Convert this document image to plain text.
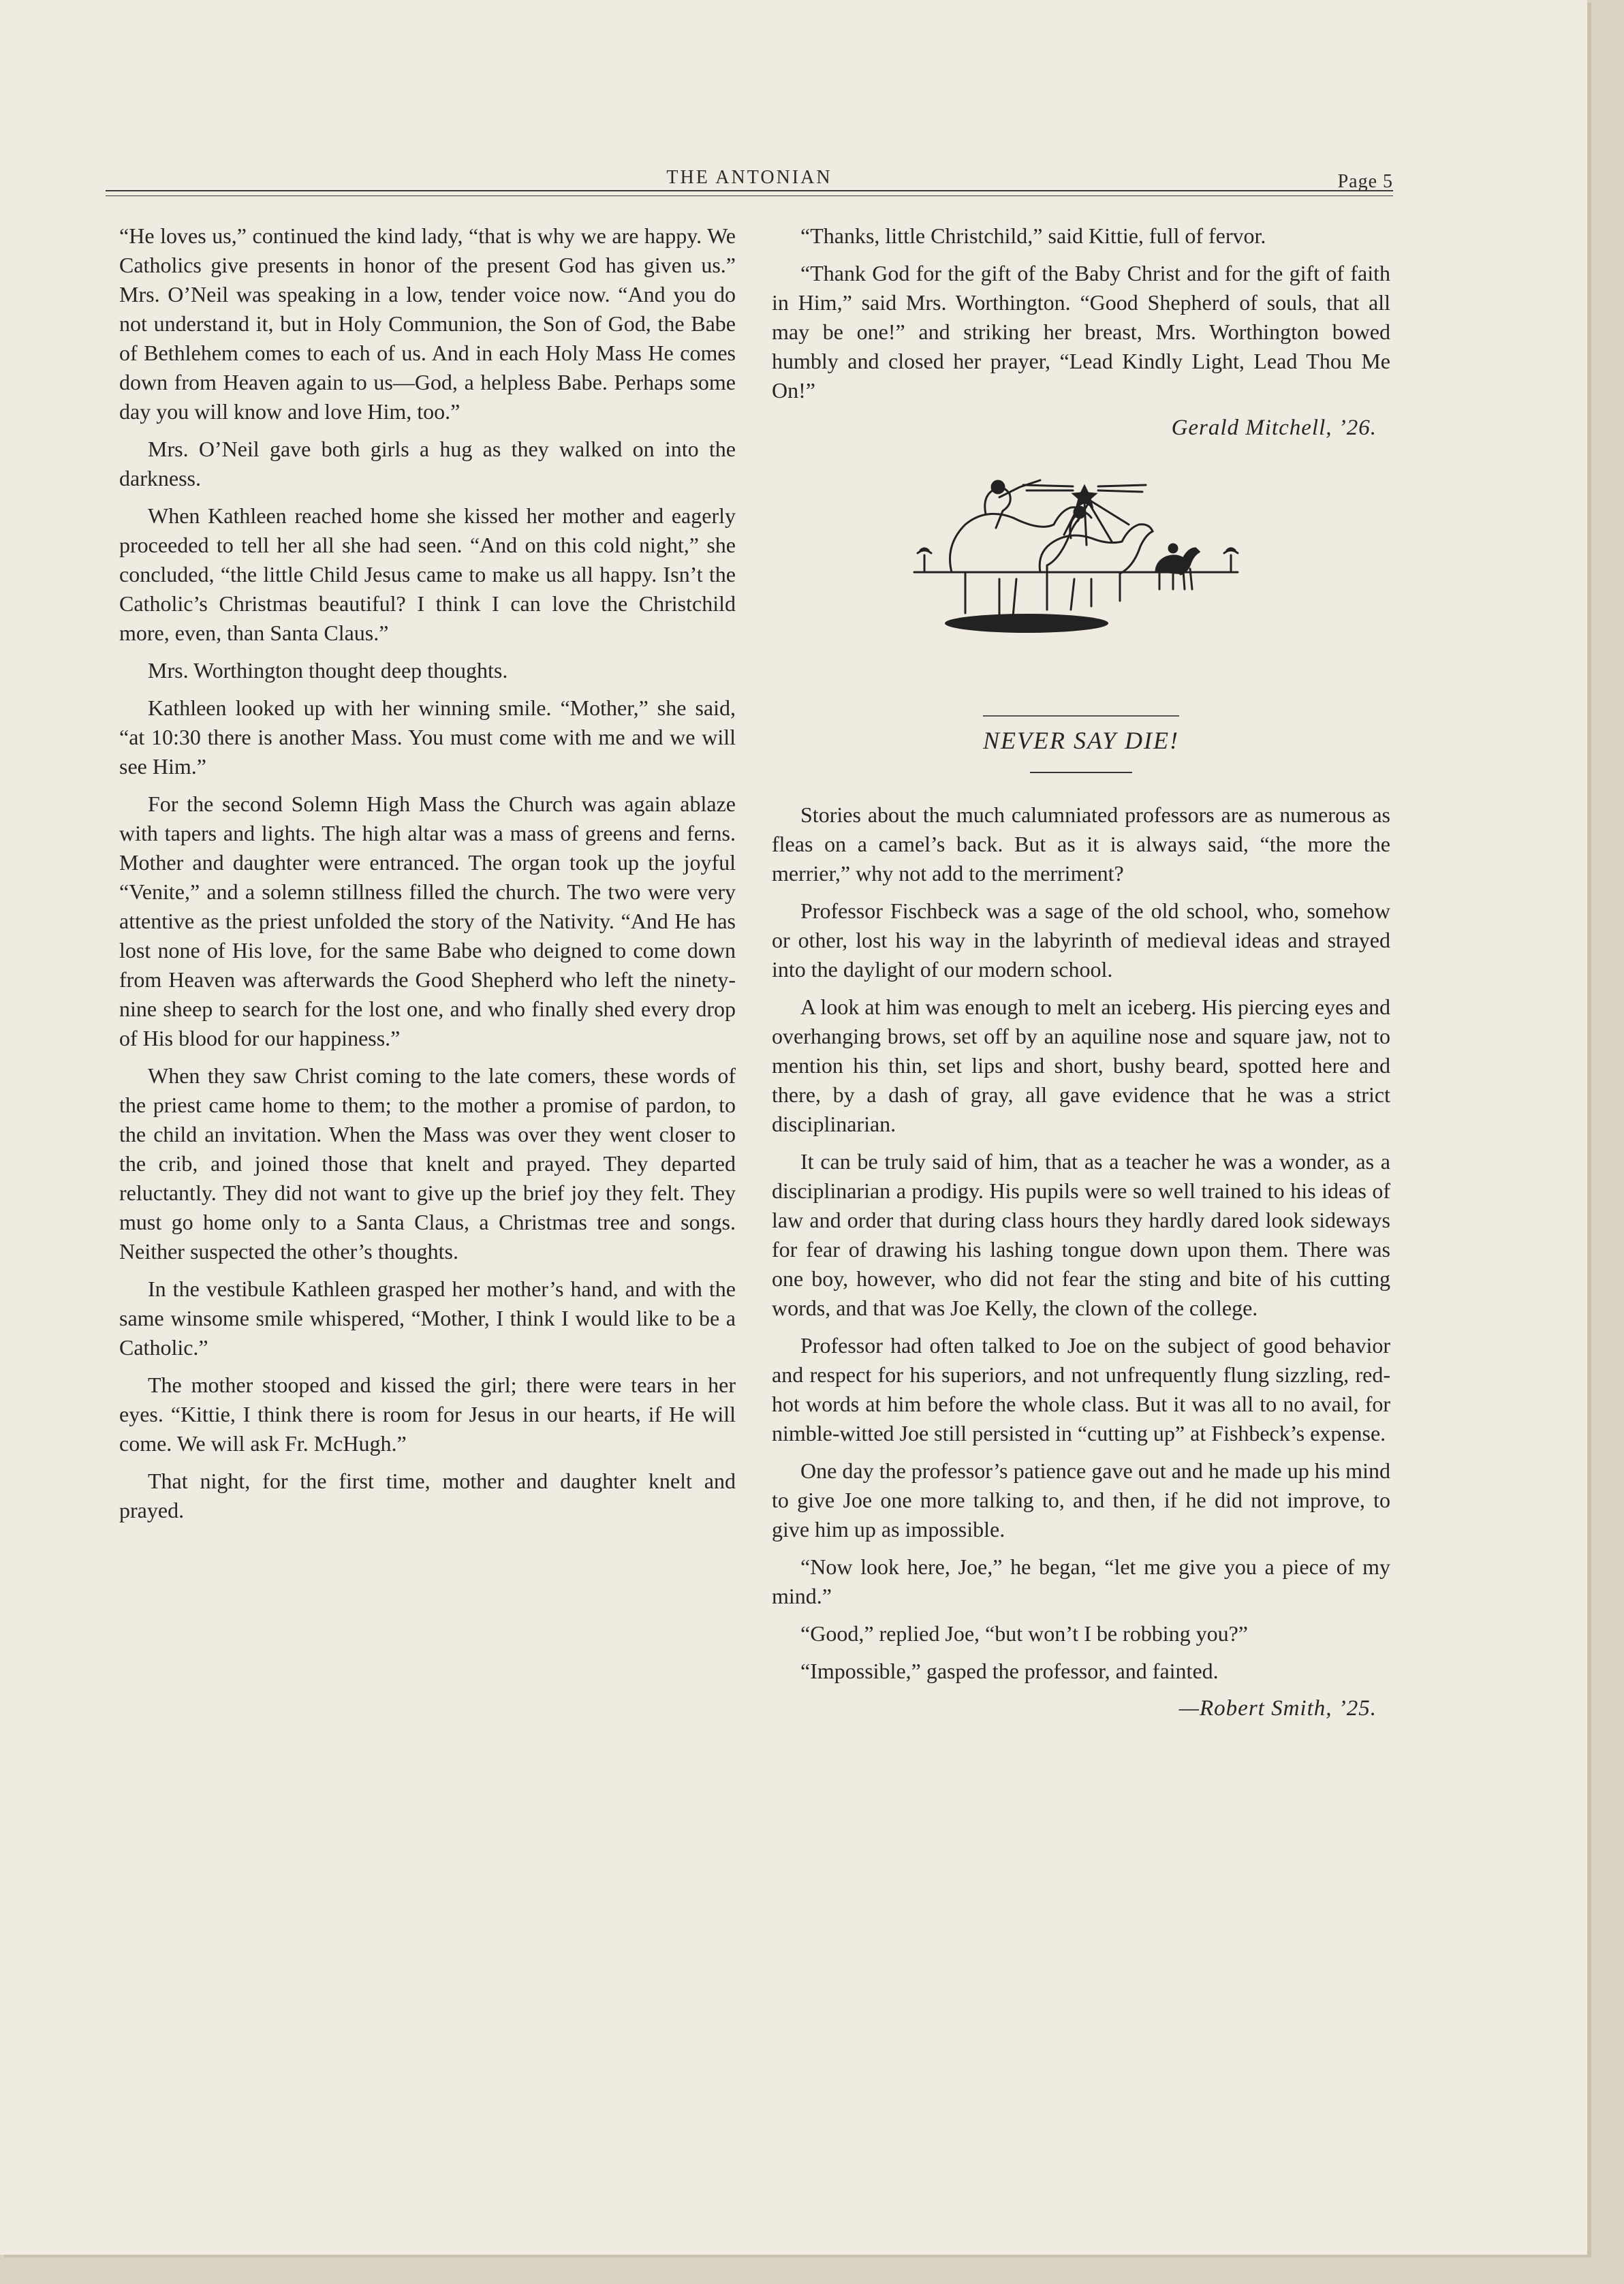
THE ANTONIAN	Page 5

“He loves us,” continued the kind lady, “that is why we are happy. We Catholics give presents in honor of the present God has given us.” Mrs. O’Neil was speaking in a low, tender voice now. “And you do not understand it, but in Holy Communion, the Son of God, the Babe of Bethlehem comes to each of us. And in each Holy Mass He comes down from Heaven again to us—God, a helpless Babe. Perhaps some day you will know and love Him, too.”

Mrs. O’Neil gave both girls a hug as they walked on into the darkness.

When Kathleen reached home she kissed her mother and eagerly proceeded to tell her all she had seen. “And on this cold night,” she concluded, “the little Child Jesus came to make us all happy. Isn’t the Catholic’s Christmas beautiful? I think I can love the Christchild more, even, than Santa Claus.”

Mrs. Worthington thought deep thoughts.

Kathleen looked up with her winning smile. “Mother,” she said, “at 10:30 there is another Mass. You must come with me and we will see Him.”

For the second Solemn High Mass the Church was again ablaze with tapers and lights. The high altar was a mass of greens and ferns. Mother and daughter were entranced. The organ took up the joyful “Venite,” and a solemn stillness filled the church. The two were very attentive as the priest unfolded the story of the Nativity. “And He has lost none of His love, for the same Babe who deigned to come down from Heaven was afterwards the Good Shepherd who left the ninety-nine sheep to search for the lost one, and who finally shed every drop of His blood for our happiness.”

When they saw Christ coming to the late comers, these words of the priest came home to them; to the mother a promise of pardon, to the child an invitation. When the Mass was over they went closer to the crib, and joined those that knelt and prayed. They departed reluctantly. They did not want to give up the brief joy they felt. They must go home only to a Santa Claus, a Christmas tree and songs. Neither suspected the other’s thoughts.

In the vestibule Kathleen grasped her mother’s hand, and with the same winsome smile whispered, “Mother, I think I would like to be a Catholic.”

The mother stooped and kissed the girl; there were tears in her eyes. “Kittie, I think there is room for Jesus in our hearts, if He will come. We will ask Fr. McHugh.”

That night, for the first time, mother and daughter knelt and prayed.

“Thanks, little Christchild,” said Kittie, full of fervor.

“Thank God for the gift of the Baby Christ and for the gift of faith in Him,” said Mrs. Worthington. “Good Shepherd of souls, that all may be one!” and striking her breast, Mrs. Worthington bowed humbly and closed her prayer, “Lead Kindly Light, Lead Thou Me On!”

Gerald Mitchell, ’26.
NEVER SAY DIE!

Stories about the much calumniated professors are as numerous as fleas on a camel’s back. But as it is always said, “the more the merrier,” why not add to the merriment?

Professor Fischbeck was a sage of the old school, who, somehow or other, lost his way in the labyrinth of medieval ideas and strayed into the daylight of our modern school.

A look at him was enough to melt an iceberg. His piercing eyes and overhanging brows, set off by an aquiline nose and square jaw, not to mention his thin, set lips and short, bushy beard, spotted here and there, by a dash of gray, all gave evidence that he was a strict disciplinarian.

It can be truly said of him, that as a teacher he was a wonder, as a disciplinarian a prodigy. His pupils were so well trained to his ideas of law and order that during class hours they hardly dared look sideways for fear of drawing his lashing tongue down upon them. There was one boy, however, who did not fear the sting and bite of his cutting words, and that was Joe Kelly, the clown of the college.

Professor had often talked to Joe on the subject of good behavior and respect for his superiors, and not unfrequently flung sizzling, red-hot words at him before the whole class. But it was all to no avail, for nimble-witted Joe still persisted in “cutting up” at Fishbeck’s expense.

One day the professor’s patience gave out and he made up his mind to give Joe one more talking to, and then, if he did not improve, to give him up as impossible.

“Now look here, Joe,” he began, “let me give you a piece of my mind.”

“Good,” replied Joe, “but won’t I be robbing you?”

“Impossible,” gasped the professor, and fainted.

—Robert Smith, ’25.
